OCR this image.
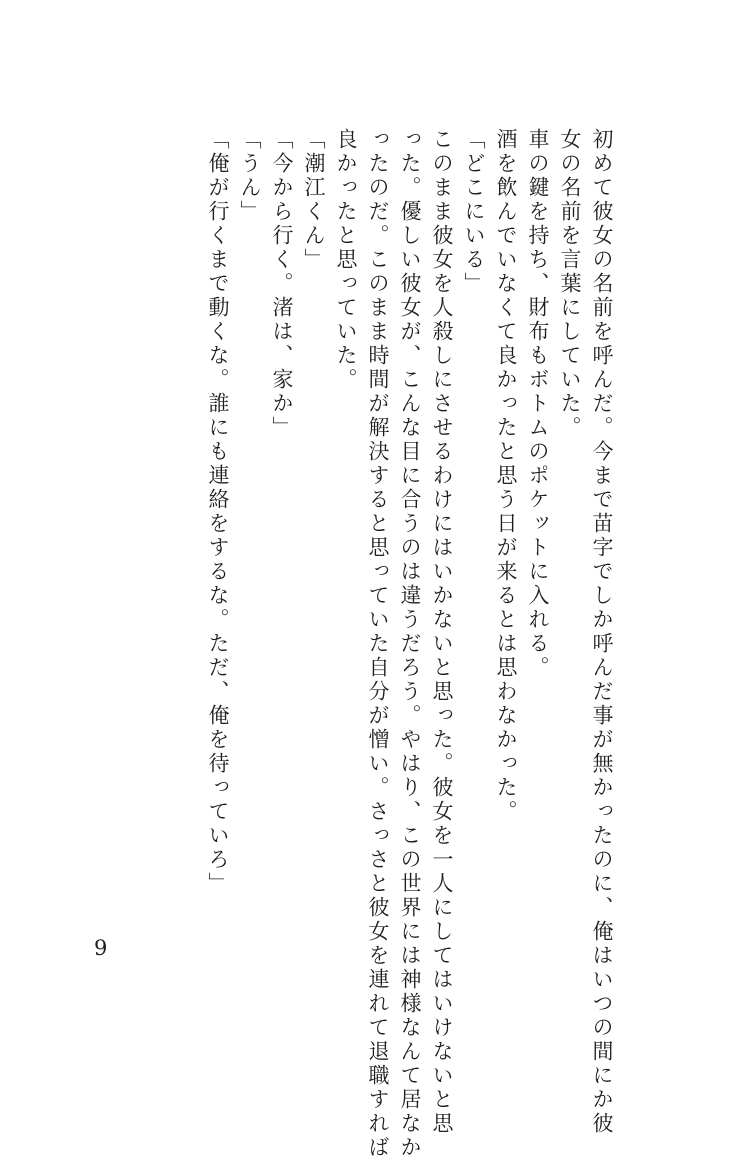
初めて彼女の名前を呼んだ。今まで苗字でしか呼んだ事が無かったのに、俺はいつの間にか彼
女の名前を言葉にしていた。
車の鍵を持ち、財布もボトムのポケットに入れる。
酒を飲んでいなくて良かったと思う日が来るとは思わなかった。
「どこにいる」
このまま彼女を人殺しにさせるわけにはいかないと思った。彼女を一人にしてはいけないと思
った。優しい彼女が、こんな目に合うのは違うだろう。やはり、この世界には神様なんて居なか
ったのだ。このまま時間が解決すると思っていた自分が憎い。さっさと彼女を連れて退職すれば
良かったと思っていた。
「潮江くん」
「今から行く。渚は、家か」
「うん」
「俺が行くまで動くな。誰にも連絡をするな。ただ、俺を待っていろ」
9
